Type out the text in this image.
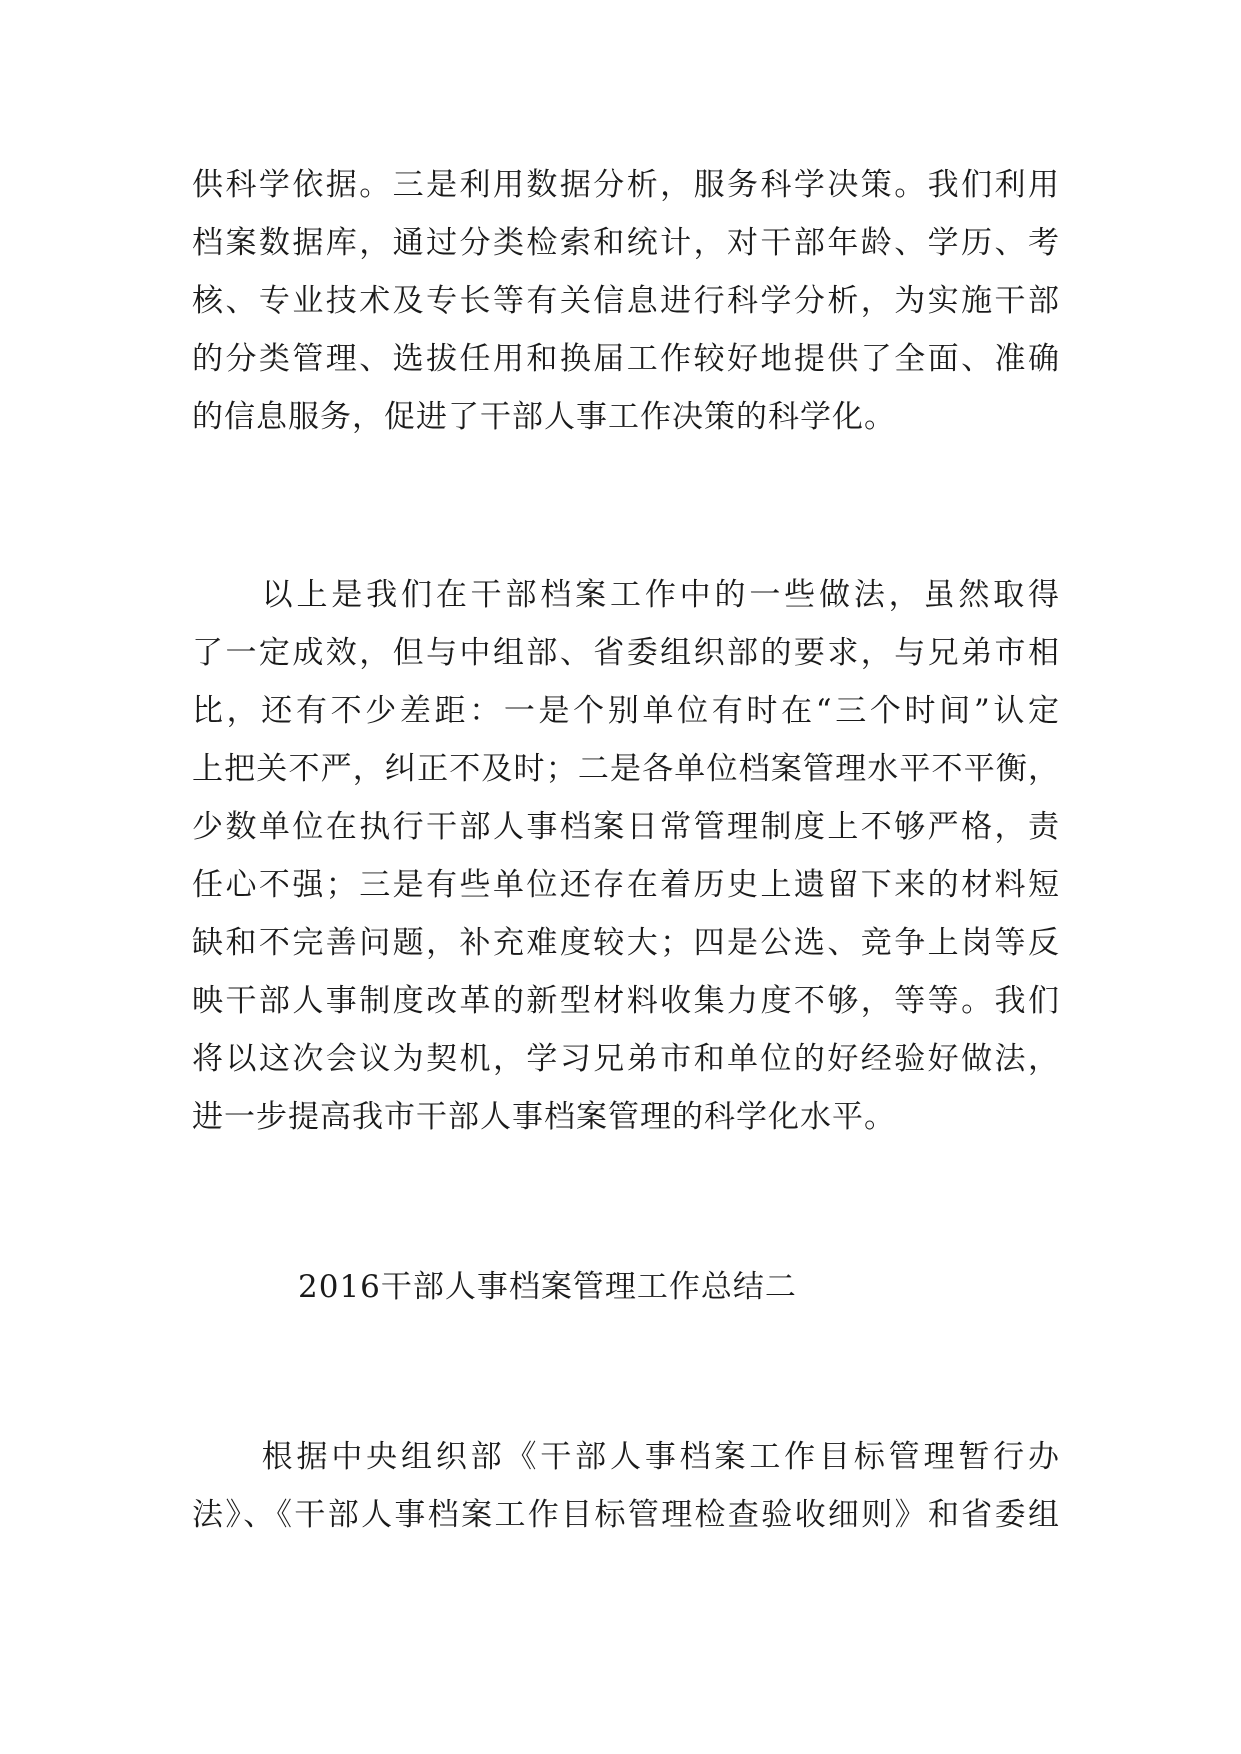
供科学依据。三是利用数据分析，服务科学决策。我们利用
档案数据库，通过分类检索和统计，对干部年龄、学历、考
核、专业技术及专长等有关信息进行科学分析，为实施干部
的分类管理、选拔任用和换届工作较好地提供了全面、准确
的信息服务，促进了干部人事工作决策的科学化。
　　以上是我们在干部档案工作中的一些做法，虽然取得
了一定成效，但与中组部、省委组织部的要求，与兄弟市相
比，还有不少差距：一是个别单位有时在“三个时间”认定
上把关不严，纠正不及时；二是各单位档案管理水平不平衡，
少数单位在执行干部人事档案日常管理制度上不够严格，责
任心不强；三是有些单位还存在着历史上遗留下来的材料短
缺和不完善问题，补充难度较大；四是公选、竞争上岗等反
映干部人事制度改革的新型材料收集力度不够，等等。我们
将以这次会议为契机，学习兄弟市和单位的好经验好做法，
进一步提高我市干部人事档案管理的科学化水平。
2016干部人事档案管理工作总结二
　　根据中央组织部《干部人事档案工作目标管理暂行办
法》、《干部人事档案工作目标管理检查验收细则》和省委组
